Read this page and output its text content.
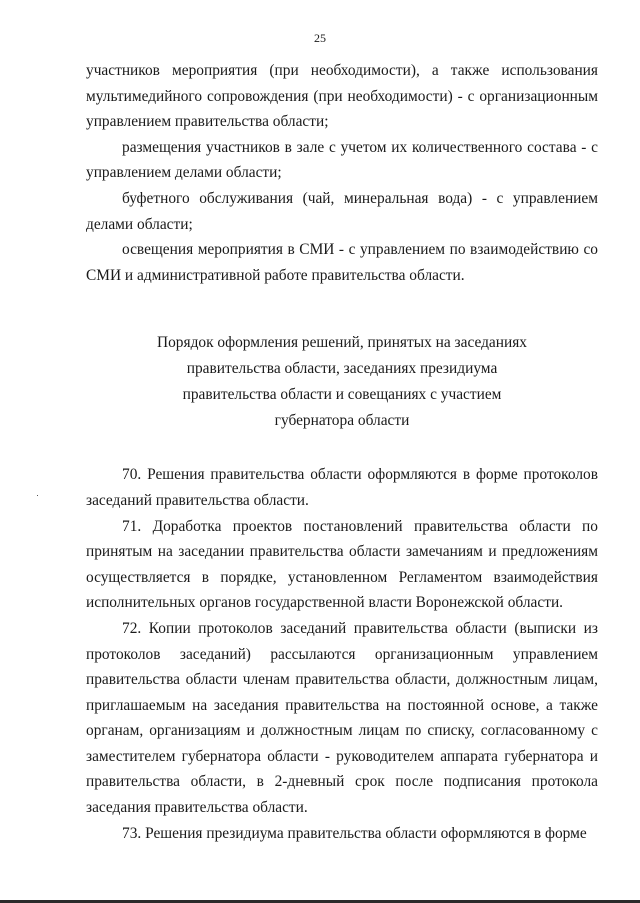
25

участников мероприятия (при необходимости), а также использования мультимедийного сопровождения (при необходимости) - с организационным управлением правительства области;

размещения участников в зале с учетом их количественного состава - с управлением делами области;

буфетного обслуживания (чай, минеральная вода) - с управлением делами области;

освещения мероприятия в СМИ - с управлением по взаимодействию со СМИ и административной работе правительства области.

Порядок оформления решений, принятых на заседаниях
правительства области, заседаниях президиума
правительства области и совещаниях с участием
губернатора области

70. Решения правительства области оформляются в форме протоколов заседаний правительства области.

71. Доработка проектов постановлений правительства области по принятым на заседании правительства области замечаниям и предложениям осуществляется в порядке, установленном Регламентом взаимодействия исполнительных органов государственной власти Воронежской области.

72. Копии протоколов заседаний правительства области (выписки из протоколов заседаний) рассылаются организационным управлением правительства области членам правительства области, должностным лицам, приглашаемым на заседания правительства на постоянной основе, а также органам, организациям и должностным лицам по списку, согласованному с заместителем губернатора области - руководителем аппарата губернатора и правительства области, в 2-дневный срок после подписания протокола заседания правительства области.

73. Решения президиума правительства области оформляются в форме
